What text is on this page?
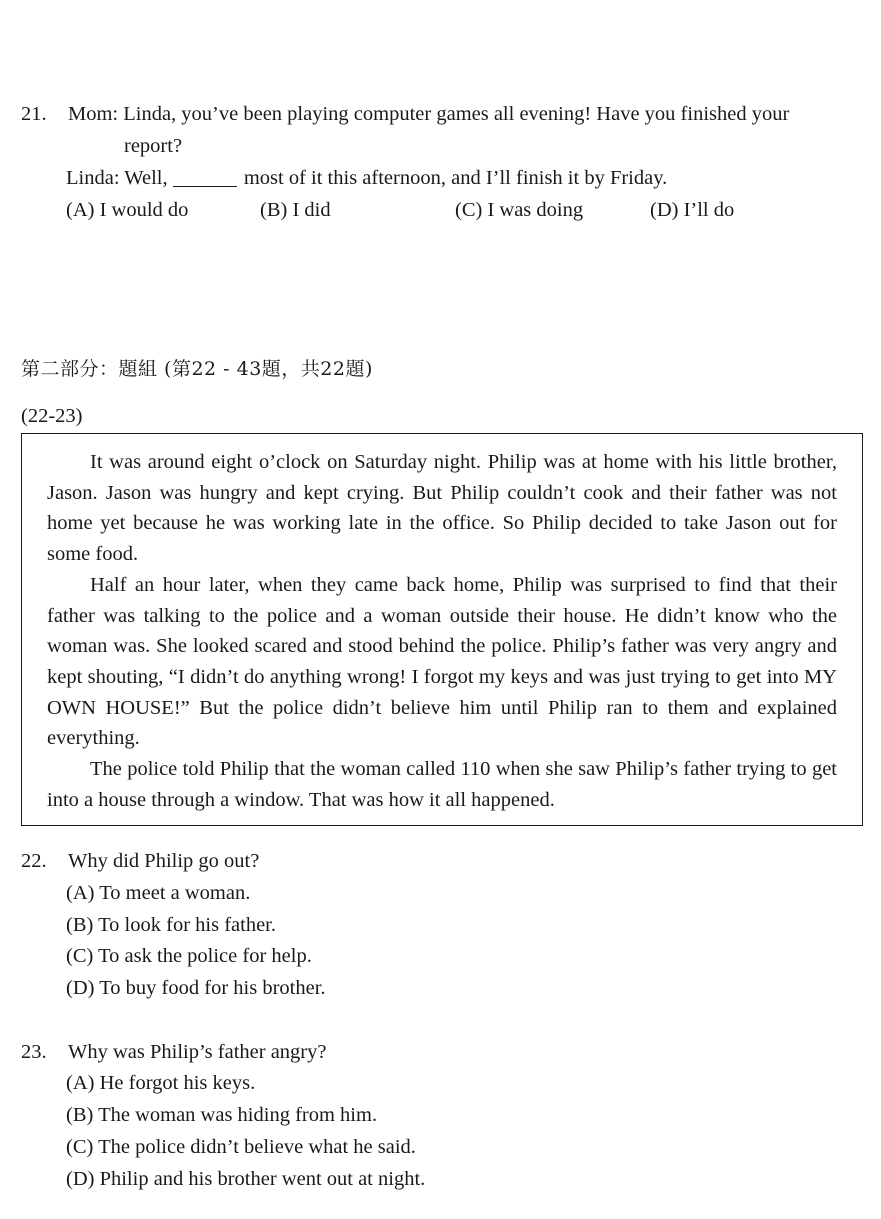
21. Mom: Linda, you’ve been playing computer games all evening! Have you finished your
report?
Linda: Well,	most of it this afternoon, and I’ll finish it by Friday.
(A) I would do	(B) I did	(C) I was doing	(D) I’ll do
第二部分：題組 (第22 - 43題，共22題)
(22-23)

It was around eight o’clock on Saturday night. Philip was at home with his little brother, Jason. Jason was hungry and kept crying. But Philip couldn’t cook and their father was not home yet because he was working late in the office. So Philip decided to take Jason out for some food.

Half an hour later, when they came back home, Philip was surprised to find that their father was talking to the police and a woman outside their house. He didn’t know who the woman was. She looked scared and stood behind the police. Philip’s father was very angry and kept shouting, “I didn’t do anything wrong! I forgot my keys and was just trying to get into MY OWN HOUSE!” But the police didn’t believe him until Philip ran to them and explained everything.

The police told Philip that the woman called 110 when she saw Philip’s father trying to get into a house through a window. That was how it all happened.

22. Why did Philip go out?
(A) To meet a woman.
(B) To look for his father.
(C) To ask the police for help.
(D) To buy food for his brother.
23. Why was Philip’s father angry?
(A) He forgot his keys.
(B) The woman was hiding from him.
(C) The police didn’t believe what he said.
(D) Philip and his brother went out at night.
